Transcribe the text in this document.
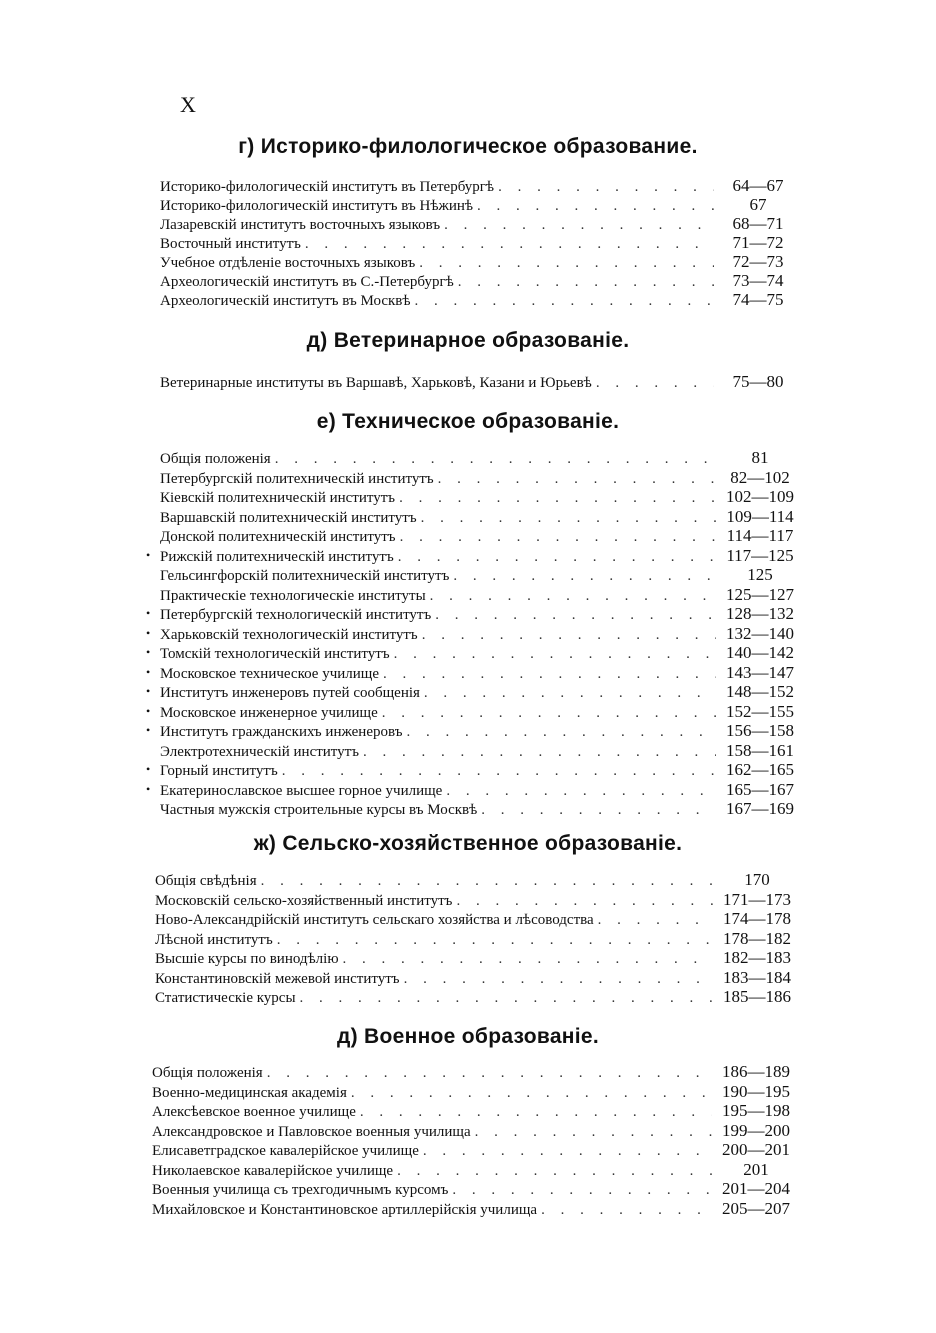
X
г) Историко-филологическое образование.
Историко-филологическій институтъ въ Петербургѣ . . .	64—67
Историко-филологическій институтъ въ Нѣжинѣ . . .	67
Лазаревскій институтъ восточныхъ языковъ . . .	68—71
Восточный институтъ . . .	71—72
Учебное отдѣленіе восточныхъ языковъ . . .	72—73
Археологическій институтъ въ С.-Петербургѣ . . .	73—74
Археологическій институтъ въ Москвѣ . . .	74—75
д) Ветеринарное образованіе.
Ветеринарные институты въ Варшавѣ, Харьковѣ, Казани и Юрьевѣ . . .	75—80
е) Техническое образованіе.
Общія положенія . . .	81
Петербургскій политехническій институтъ . . .	82—102
Кіевскій политехническій институтъ . . .	102—109
Варшавскій политехническій институтъ . . .	109—114
Донской политехническій институтъ . . .	114—117
• Рижскій политехническій институтъ . . .	117—125
Гельсингфорскій политехническій институтъ . . .	125
Практическіе технологическіе институты . . .	125—127
• Петербургскій технологическій институтъ . . .	128—132
• Харьковскій технологическій институтъ . . .	132—140
• Томскій технологическій институтъ . . .	140—142
• Московское техническое училище . . .	143—147
• Институтъ инженеровъ путей сообщенія . . .	148—152
• Московское инженерное училище . . .	152—155
• Институтъ гражданскихъ инженеровъ . . .	156—158
Электротехническій институтъ . . .	158—161
• Горный институтъ . . .	162—165
• Екатеринославское высшее горное училище . . .	165—167
Частныя мужскія строительные курсы въ Москвѣ . . .	167—169
ж) Сельско-хозяйственное образованіе.
Общія свѣдѣнія . . .	170
Московскій сельско-хозяйственный институтъ . . .	171—173
Ново-Александрійскій институтъ сельскаго хозяйства и лѣсоводства . . .	174—178
Лѣсной институтъ . . .	178—182
Высшіе курсы по винодѣлію . . .	182—183
Константиновскій межевой институтъ . . .	183—184
Статистическіе курсы . . .	185—186
д) Военное образованіе.
Общія положенія . . .	186—189
Военно-медицинская академія . . .	190—195
Алексѣевское военное училище . . .	195—198
Александровское и Павловское военныя училища . . .	199—200
Елисаветградское кавалерійское училище . . .	200—201
Николаевское кавалерійское училище . . .	201
Военныя училища съ трехгодичнымъ курсомъ . . .	201—204
Михайловское и Константиновское артиллерійскія училища . . .	205—207
